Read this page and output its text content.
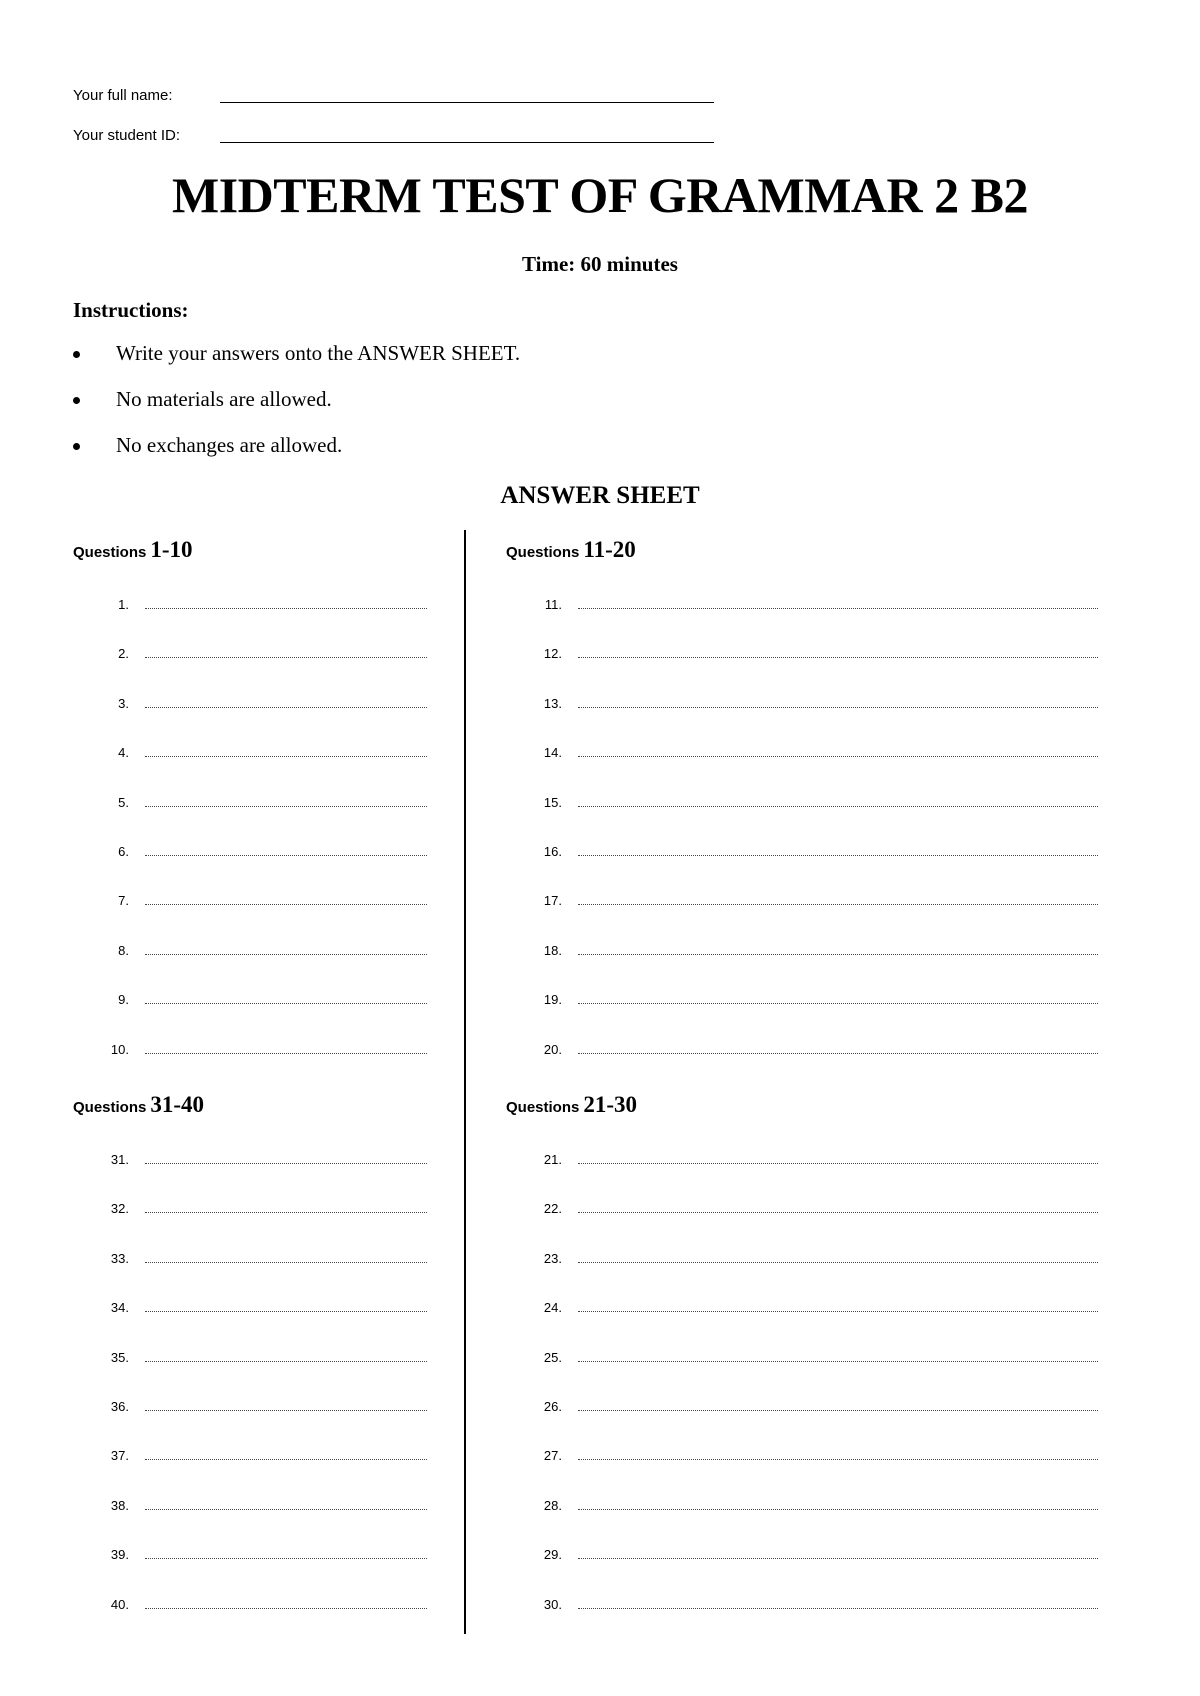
Your full name:
Your student ID:
MIDTERM TEST OF GRAMMAR 2 B2
Time: 60 minutes
Instructions:
Write your answers onto the ANSWER SHEET.
No materials are allowed.
No exchanges are allowed.
ANSWER SHEET
Questions 1-10
1.
2.
3.
4.
5.
6.
7.
8.
9.
10.
Questions 11-20
11.
12.
13.
14.
15.
16.
17.
18.
19.
20.
Questions 31-40
31.
32.
33.
34.
35.
36.
37.
38.
39.
40.
Questions 21-30
21.
22.
23.
24.
25.
26.
27.
28.
29.
30.
